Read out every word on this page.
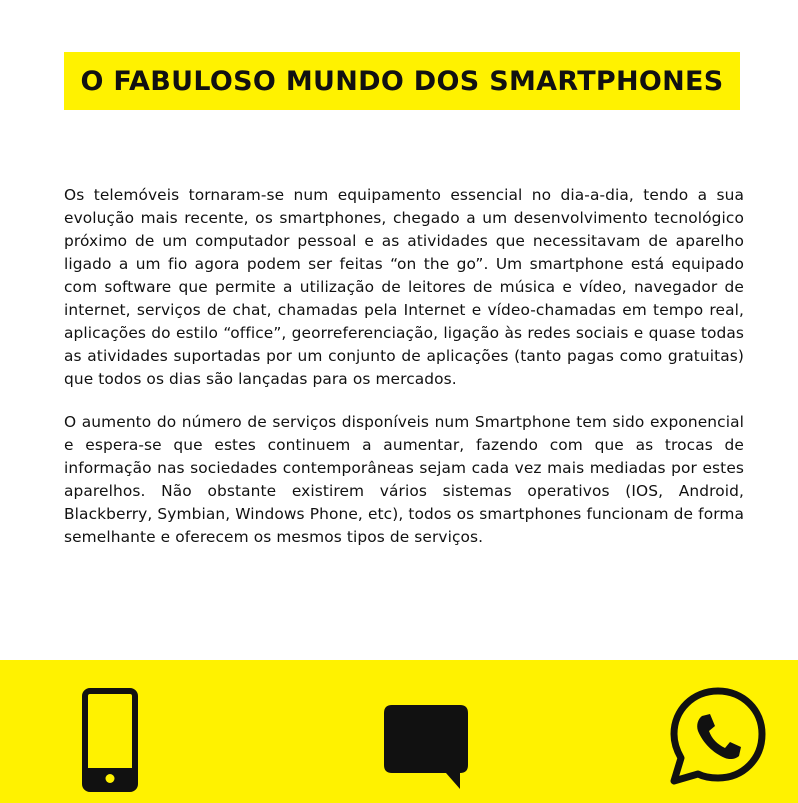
O FABULOSO MUNDO DOS SMARTPHONES

Os telemóveis tornaram-se num equipamento essencial no dia-a-dia, tendo a sua evolução mais recente, os smartphones, chegado a um desenvolvimento tecnológico próximo de um computador pessoal e as atividades que necessitavam de aparelho ligado a um fio agora podem ser feitas “on the go”. Um smartphone está equipado com software que permite a utilização de leitores de música e vídeo, navegador de internet, serviços de chat, chamadas pela Internet e vídeo-chamadas em tempo real, aplicações do estilo “office”, georreferenciação, ligação às redes sociais e quase todas as atividades suportadas por um conjunto de aplicações (tanto pagas como gratuitas) que todos os dias são lançadas para os mercados.

O aumento do número de serviços disponíveis num Smartphone tem sido exponencial e espera-se que estes continuem a aumentar, fazendo com que as trocas de informação nas sociedades contemporâneas sejam cada vez mais mediadas por estes aparelhos. Não obstante existirem vários sistemas operativos (IOS, Android, Blackberry, Symbian, Windows Phone, etc), todos os smartphones funcionam de forma semelhante e oferecem os mesmos tipos de serviços.
